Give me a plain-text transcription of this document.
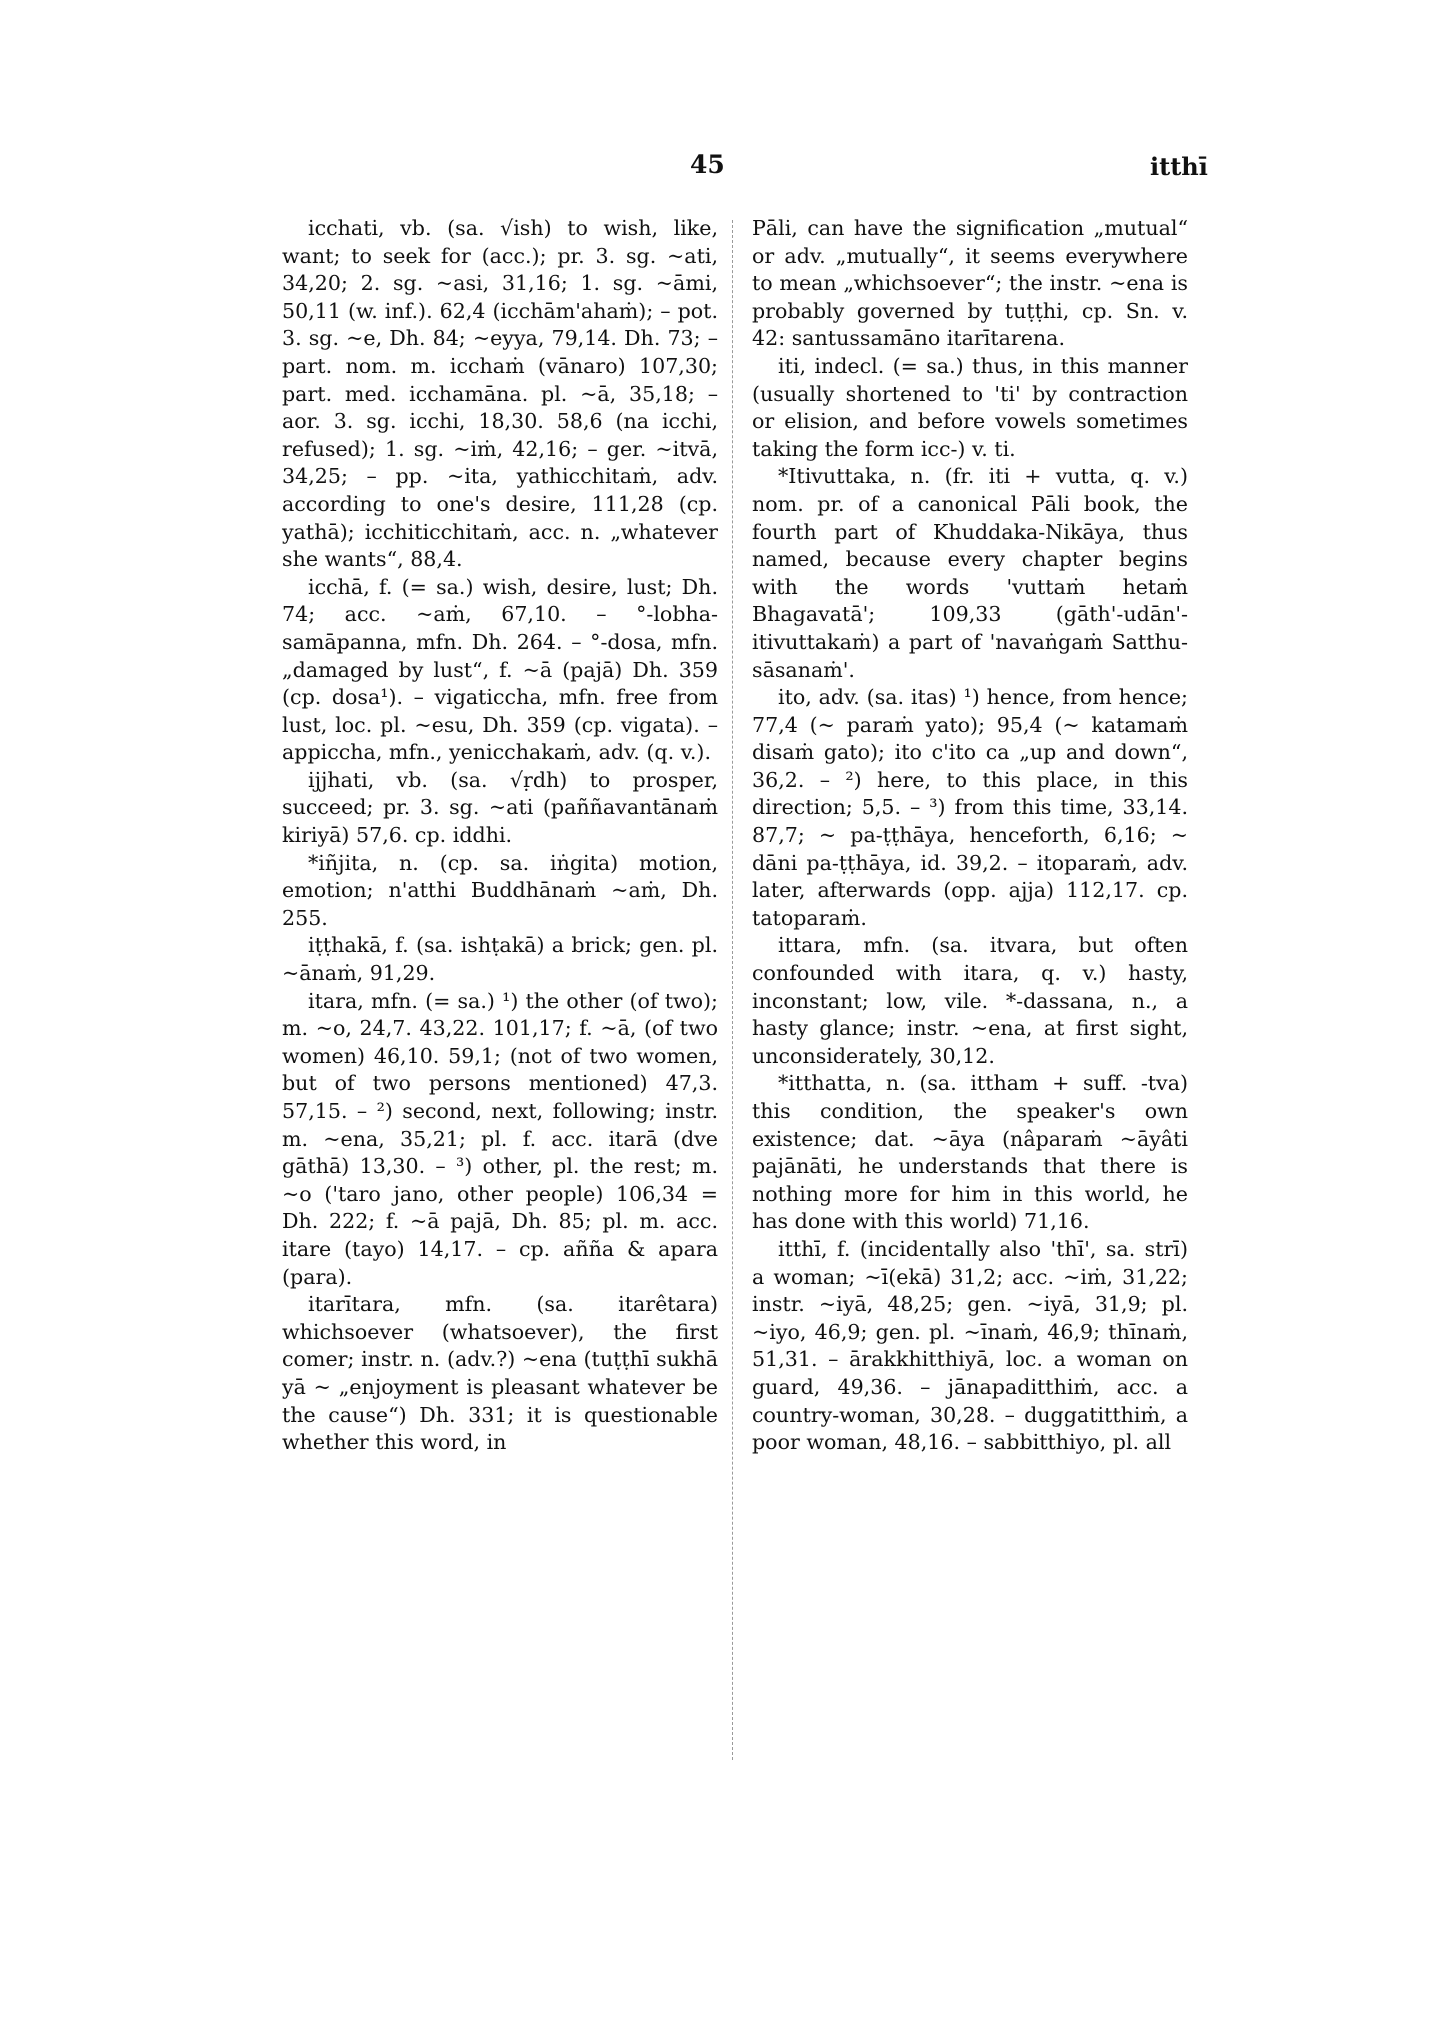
45	itthī

icchati, vb. (sa. √ish) to wish, like, want; to seek for (acc.); pr. 3. sg. ~ati, 34,20; 2. sg. ~asi, 31,16; 1. sg. ~āmi, 50,11 (w. inf.). 62,4 (icchām'ahaṁ); – pot. 3. sg. ~e, Dh. 84; ~eyya, 79,14. Dh. 73; – part. nom. m. icchaṁ (vānaro) 107,30; part. med. icchamāna. pl. ~ā, 35,18; – aor. 3. sg. icchi, 18,30. 58,6 (na icchi, refused); 1. sg. ~iṁ, 42,16; – ger. ~itvā, 34,25; – pp. ~ita, yathicchitaṁ, adv. according to one's desire, 111,28 (cp. yathā); icchiticchitaṁ, acc. n. „whatever she wants“, 88,4.

icchā, f. (= sa.) wish, desire, lust; Dh. 74; acc. ~aṁ, 67,10. – °-lobha-samāpanna, mfn. Dh. 264. – °-dosa, mfn. „damaged by lust“, f. ~ā (pajā) Dh. 359 (cp. dosa¹). – vigaticcha, mfn. free from lust, loc. pl. ~esu, Dh. 359 (cp. vigata). – appiccha, mfn., yenicchakaṁ, adv. (q. v.).

ijjhati, vb. (sa. √ṛdh) to prosper, succeed; pr. 3. sg. ~ati (paññavantānaṁ kiriyā) 57,6. cp. iddhi.

*iñjita, n. (cp. sa. iṅgita) motion, emotion; n'atthi Buddhānaṁ ~aṁ, Dh. 255.

iṭṭhakā, f. (sa. ishṭakā) a brick; gen. pl. ~ānaṁ, 91,29.

itara, mfn. (= sa.) ¹) the other (of two); m. ~o, 24,7. 43,22. 101,17; f. ~ā, (of two women) 46,10. 59,1; (not of two women, but of two persons mentioned) 47,3. 57,15. – ²) second, next, following; instr. m. ~ena, 35,21; pl. f. acc. itarā (dve gāthā) 13,30. – ³) other, pl. the rest; m. ~o ('taro jano, other people) 106,34 = Dh. 222; f. ~ā pajā, Dh. 85; pl. m. acc. itare (tayo) 14,17. – cp. añña & apara (para).

itarītara, mfn. (sa. itarêtara) whichsoever (whatsoever), the first comer; instr. n. (adv.?) ~ena (tuṭṭhī sukhā yā ~ „enjoyment is pleasant whatever be the cause“) Dh. 331; it is questionable whether this word, in

Pāli, can have the signification „mutual“ or adv. „mutually“, it seems everywhere to mean „whichsoever“; the instr. ~ena is probably governed by tuṭṭhi, cp. Sn. v. 42: santussamāno itarītarena.

iti, indecl. (= sa.) thus, in this manner (usually shortened to 'ti' by contraction or elision, and before vowels sometimes taking the form icc-) v. ti.

*Itivuttaka, n. (fr. iti + vutta, q. v.) nom. pr. of a canonical Pāli book, the fourth part of Khuddaka-Nikāya, thus named, because every chapter begins with the words 'vuttaṁ hetaṁ Bhagavatā'; 109,33 (gāth'-udān'-itivuttakaṁ) a part of 'navaṅgaṁ Satthu-sāsanaṁ'.

ito, adv. (sa. itas) ¹) hence, from hence; 77,4 (~ paraṁ yato); 95,4 (~ katamaṁ disaṁ gato); ito c'ito ca „up and down“, 36,2. – ²) here, to this place, in this direction; 5,5. – ³) from this time, 33,14. 87,7; ~ pa-ṭṭhāya, henceforth, 6,16; ~ dāni pa-ṭṭhāya, id. 39,2. – itoparaṁ, adv. later, afterwards (opp. ajja) 112,17. cp. tatoparaṁ.

ittara, mfn. (sa. itvara, but often confounded with itara, q. v.) hasty, inconstant; low, vile. *-dassana, n., a hasty glance; instr. ~ena, at first sight, unconsiderately, 30,12.

*itthatta, n. (sa. ittham + suff. -tva) this condition, the speaker's own existence; dat. ~āya (nâparaṁ ~āyâti pajānāti, he understands that there is nothing more for him in this world, he has done with this world) 71,16.

itthī, f. (incidentally also 'thī', sa. strī) a woman; ~ī(ekā) 31,2; acc. ~iṁ, 31,22; instr. ~iyā, 48,25; gen. ~iyā, 31,9; pl. ~iyo, 46,9; gen. pl. ~īnaṁ, 46,9; thīnaṁ, 51,31. – ārakkhitthiyā, loc. a woman on guard, 49,36. – jānapaditthiṁ, acc. a country-woman, 30,28. – duggatitthiṁ, a poor woman, 48,16. – sabbitthiyo, pl. all
